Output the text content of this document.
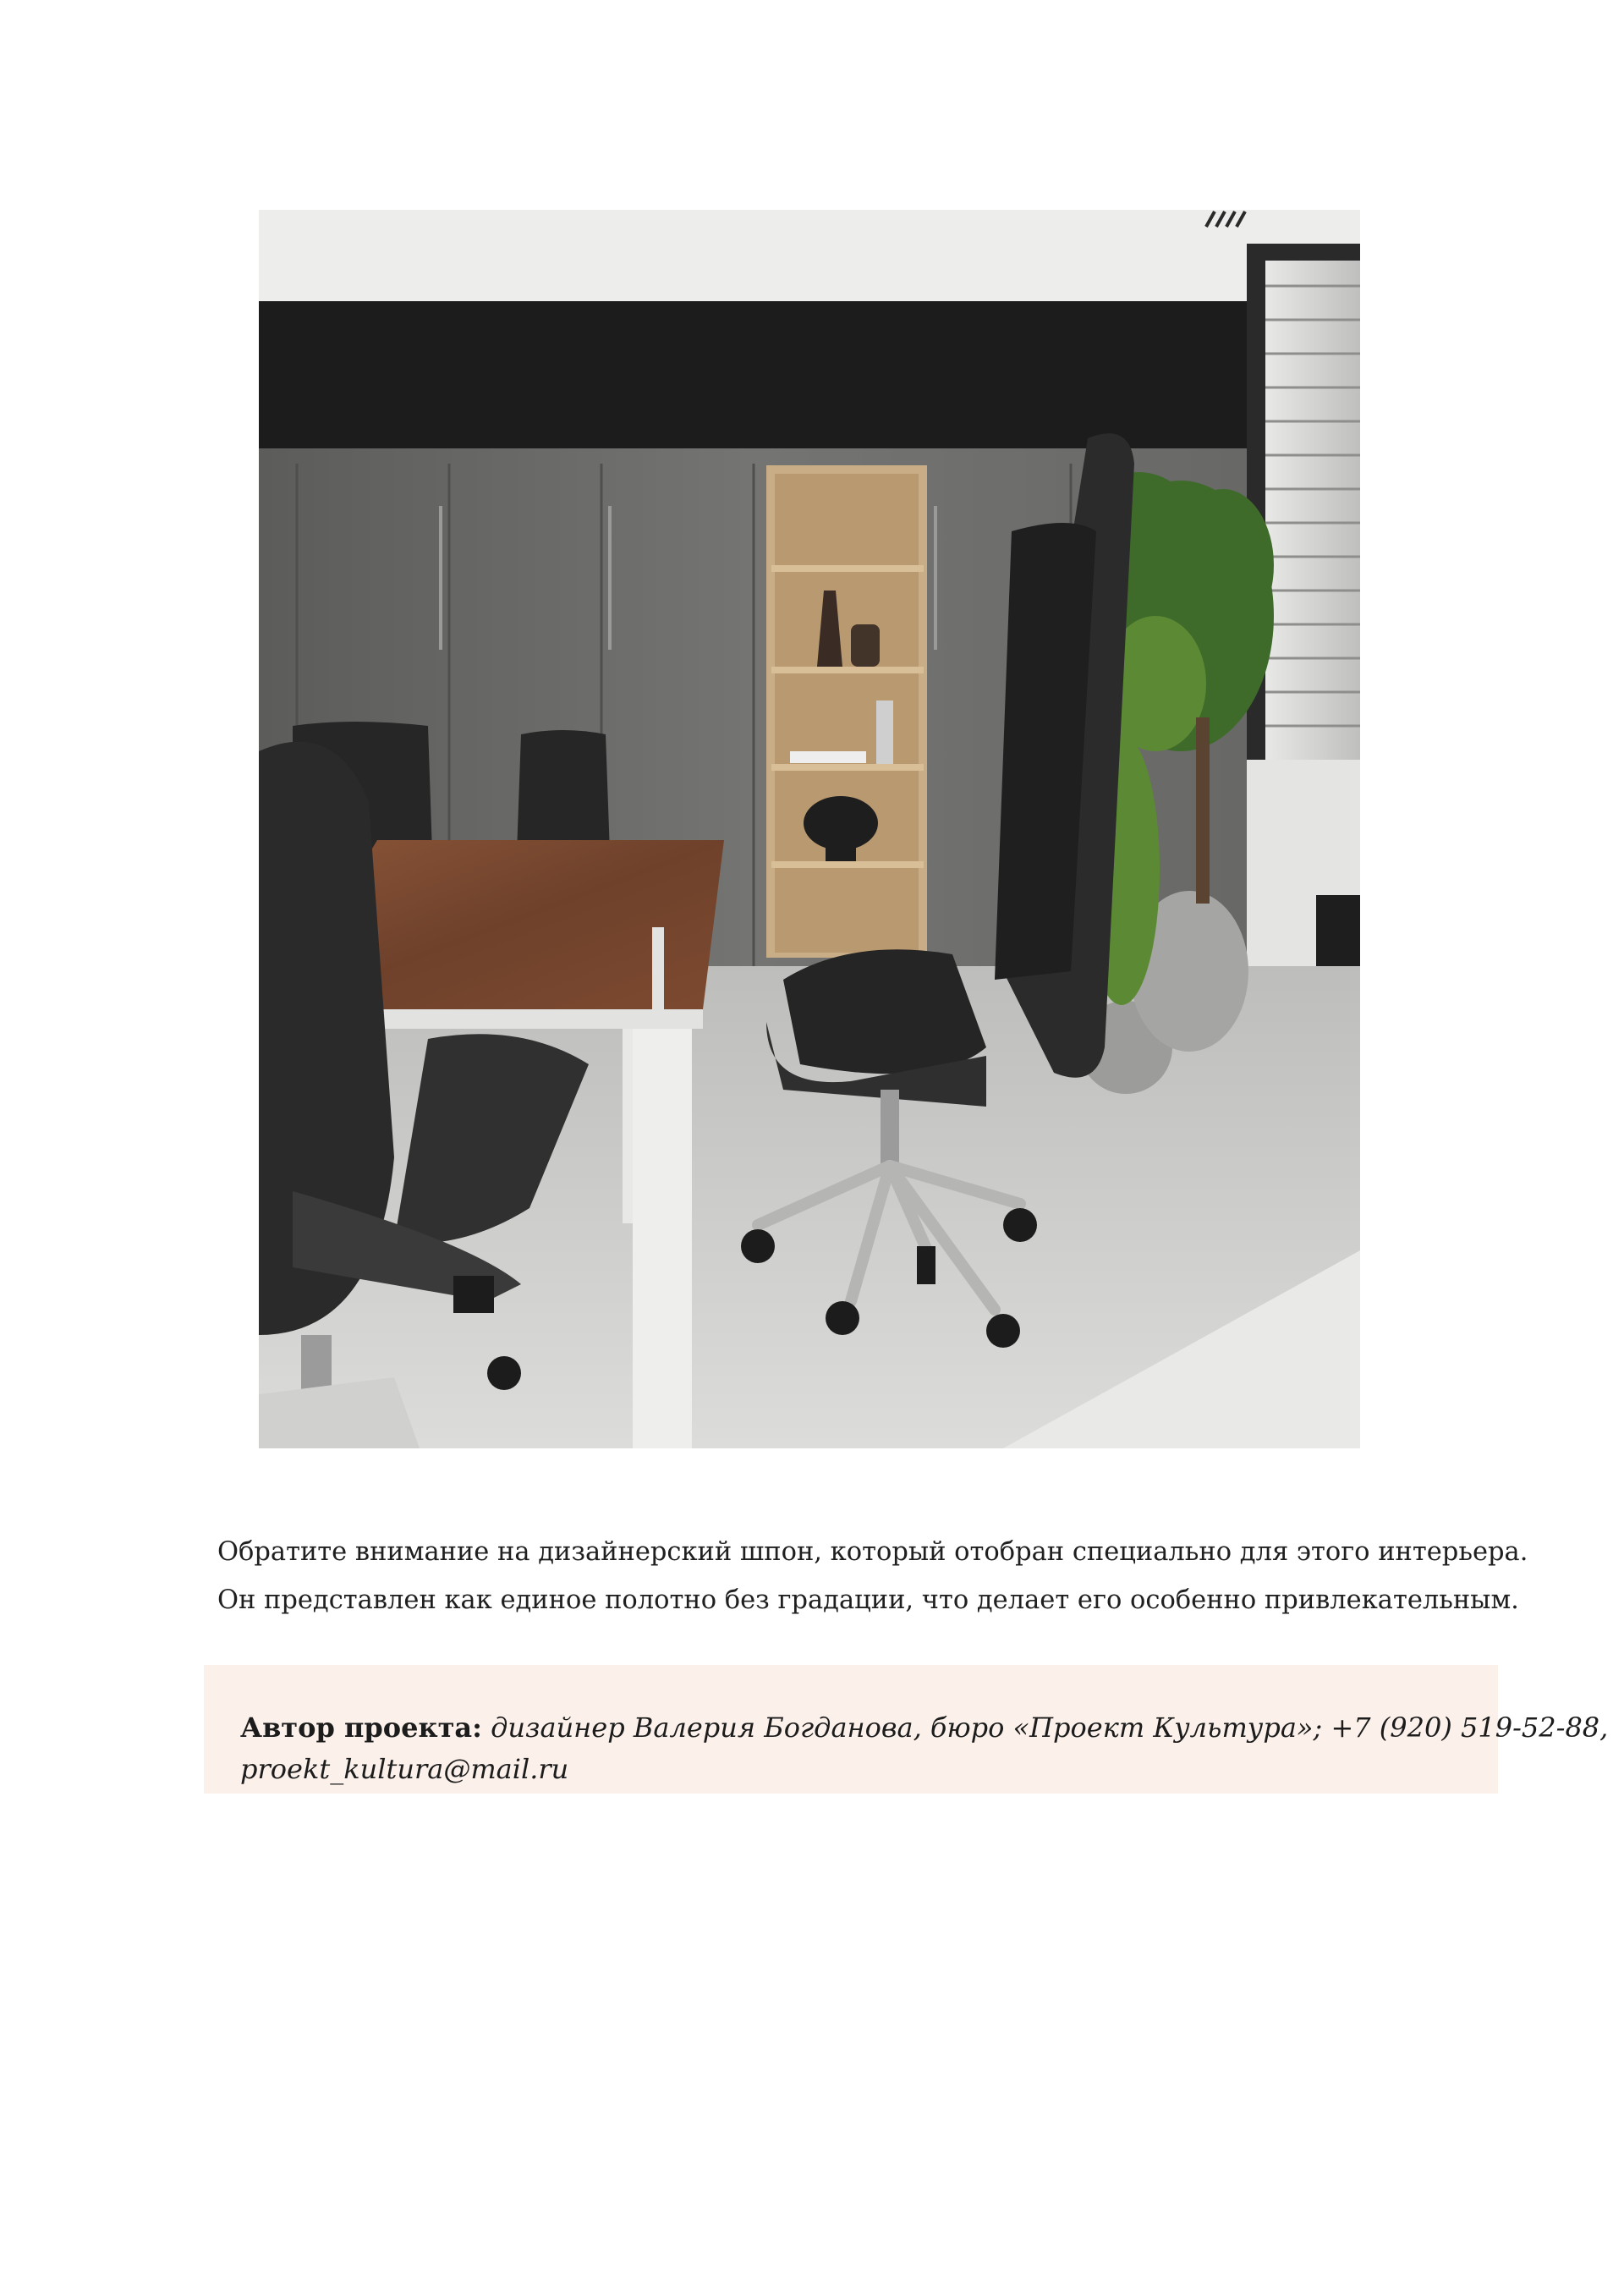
Обратите внимание на дизайнерский шпон, который отобран специально для этого интерьера.
Он представлен как единое полотно без градации, что делает его особенно привлекательным.

Автор проекта: дизайнер Валерия Богданова, бюро «Проект Культура»; +7 (920) 519-52-88,

proekt_kultura@mail.ru
